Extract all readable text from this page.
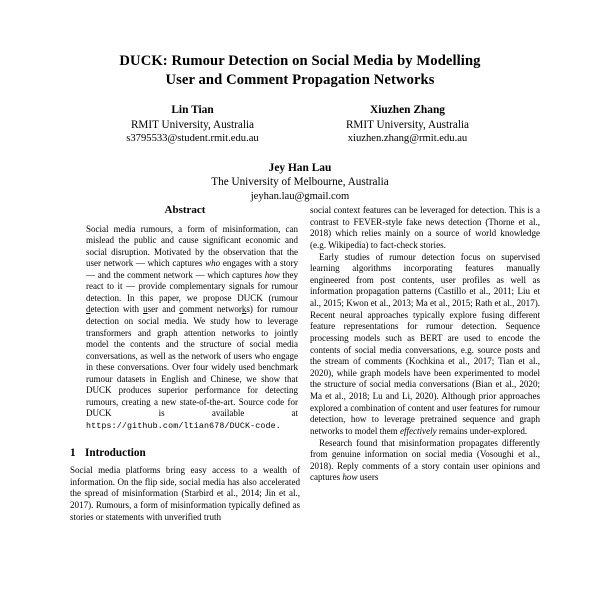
DUCK: Rumour Detection on Social Media by Modelling
User and Comment Propagation Networks
Lin Tian
RMIT University, Australia
s3795533@student.rmit.edu.au
Xiuzhen Zhang
RMIT University, Australia
xiuzhen.zhang@rmit.edu.au
Jey Han Lau
The University of Melbourne, Australia
jeyhan.lau@gmail.com
Abstract
Social media rumours, a form of misinformation, can mislead the public and cause significant economic and social disruption. Motivated by the observation that the user network — which captures who engages with a story — and the comment network — which captures how they react to it — provide complementary signals for rumour detection. In this paper, we propose DUCK (rumour detection with user and comment networks) for rumour detection on social media. We study how to leverage transformers and graph attention networks to jointly model the contents and the structure of social media conversations, as well as the network of users who engage in these conversations. Over four widely used benchmark rumour datasets in English and Chinese, we show that DUCK produces superior performance for detecting rumours, creating a new state-of-the-art. Source code for DUCK is available at https://github.com/ltian678/DUCK-code.
1 Introduction

Social media platforms bring easy access to a wealth of information. On the flip side, social media has also accelerated the spread of misinformation (Starbird et al., 2014; Jin et al., 2017). Rumours, a form of misinformation typically defined as stories or statements with unverified truth

social context features can be leveraged for detection. This is a contrast to FEVER-style fake news detection (Thorne et al., 2018) which relies mainly on a source of world knowledge (e.g. Wikipedia) to fact-check stories.

Early studies of rumour detection focus on supervised learning algorithms incorporating features manually engineered from post contents, user profiles as well as information propagation patterns (Castillo et al., 2011; Liu et al., 2015; Kwon et al., 2013; Ma et al., 2015; Rath et al., 2017). Recent neural approaches typically explore fusing different feature representations for rumour detection. Sequence processing models such as BERT are used to encode the contents of social media conversations, e.g. source posts and the stream of comments (Kochkina et al., 2017; Tian et al., 2020), while graph models have been experimented to model the structure of social media conversations (Bian et al., 2020; Ma et al., 2018; Lu and Li, 2020). Although prior approaches explored a combination of content and user features for rumour detection, how to leverage pretrained sequence and graph networks to model them effectively remains under-explored.

Research found that misinformation propagates differently from genuine information on social media (Vosoughi et al., 2018). Reply comments of a story contain user opinions and captures how users
